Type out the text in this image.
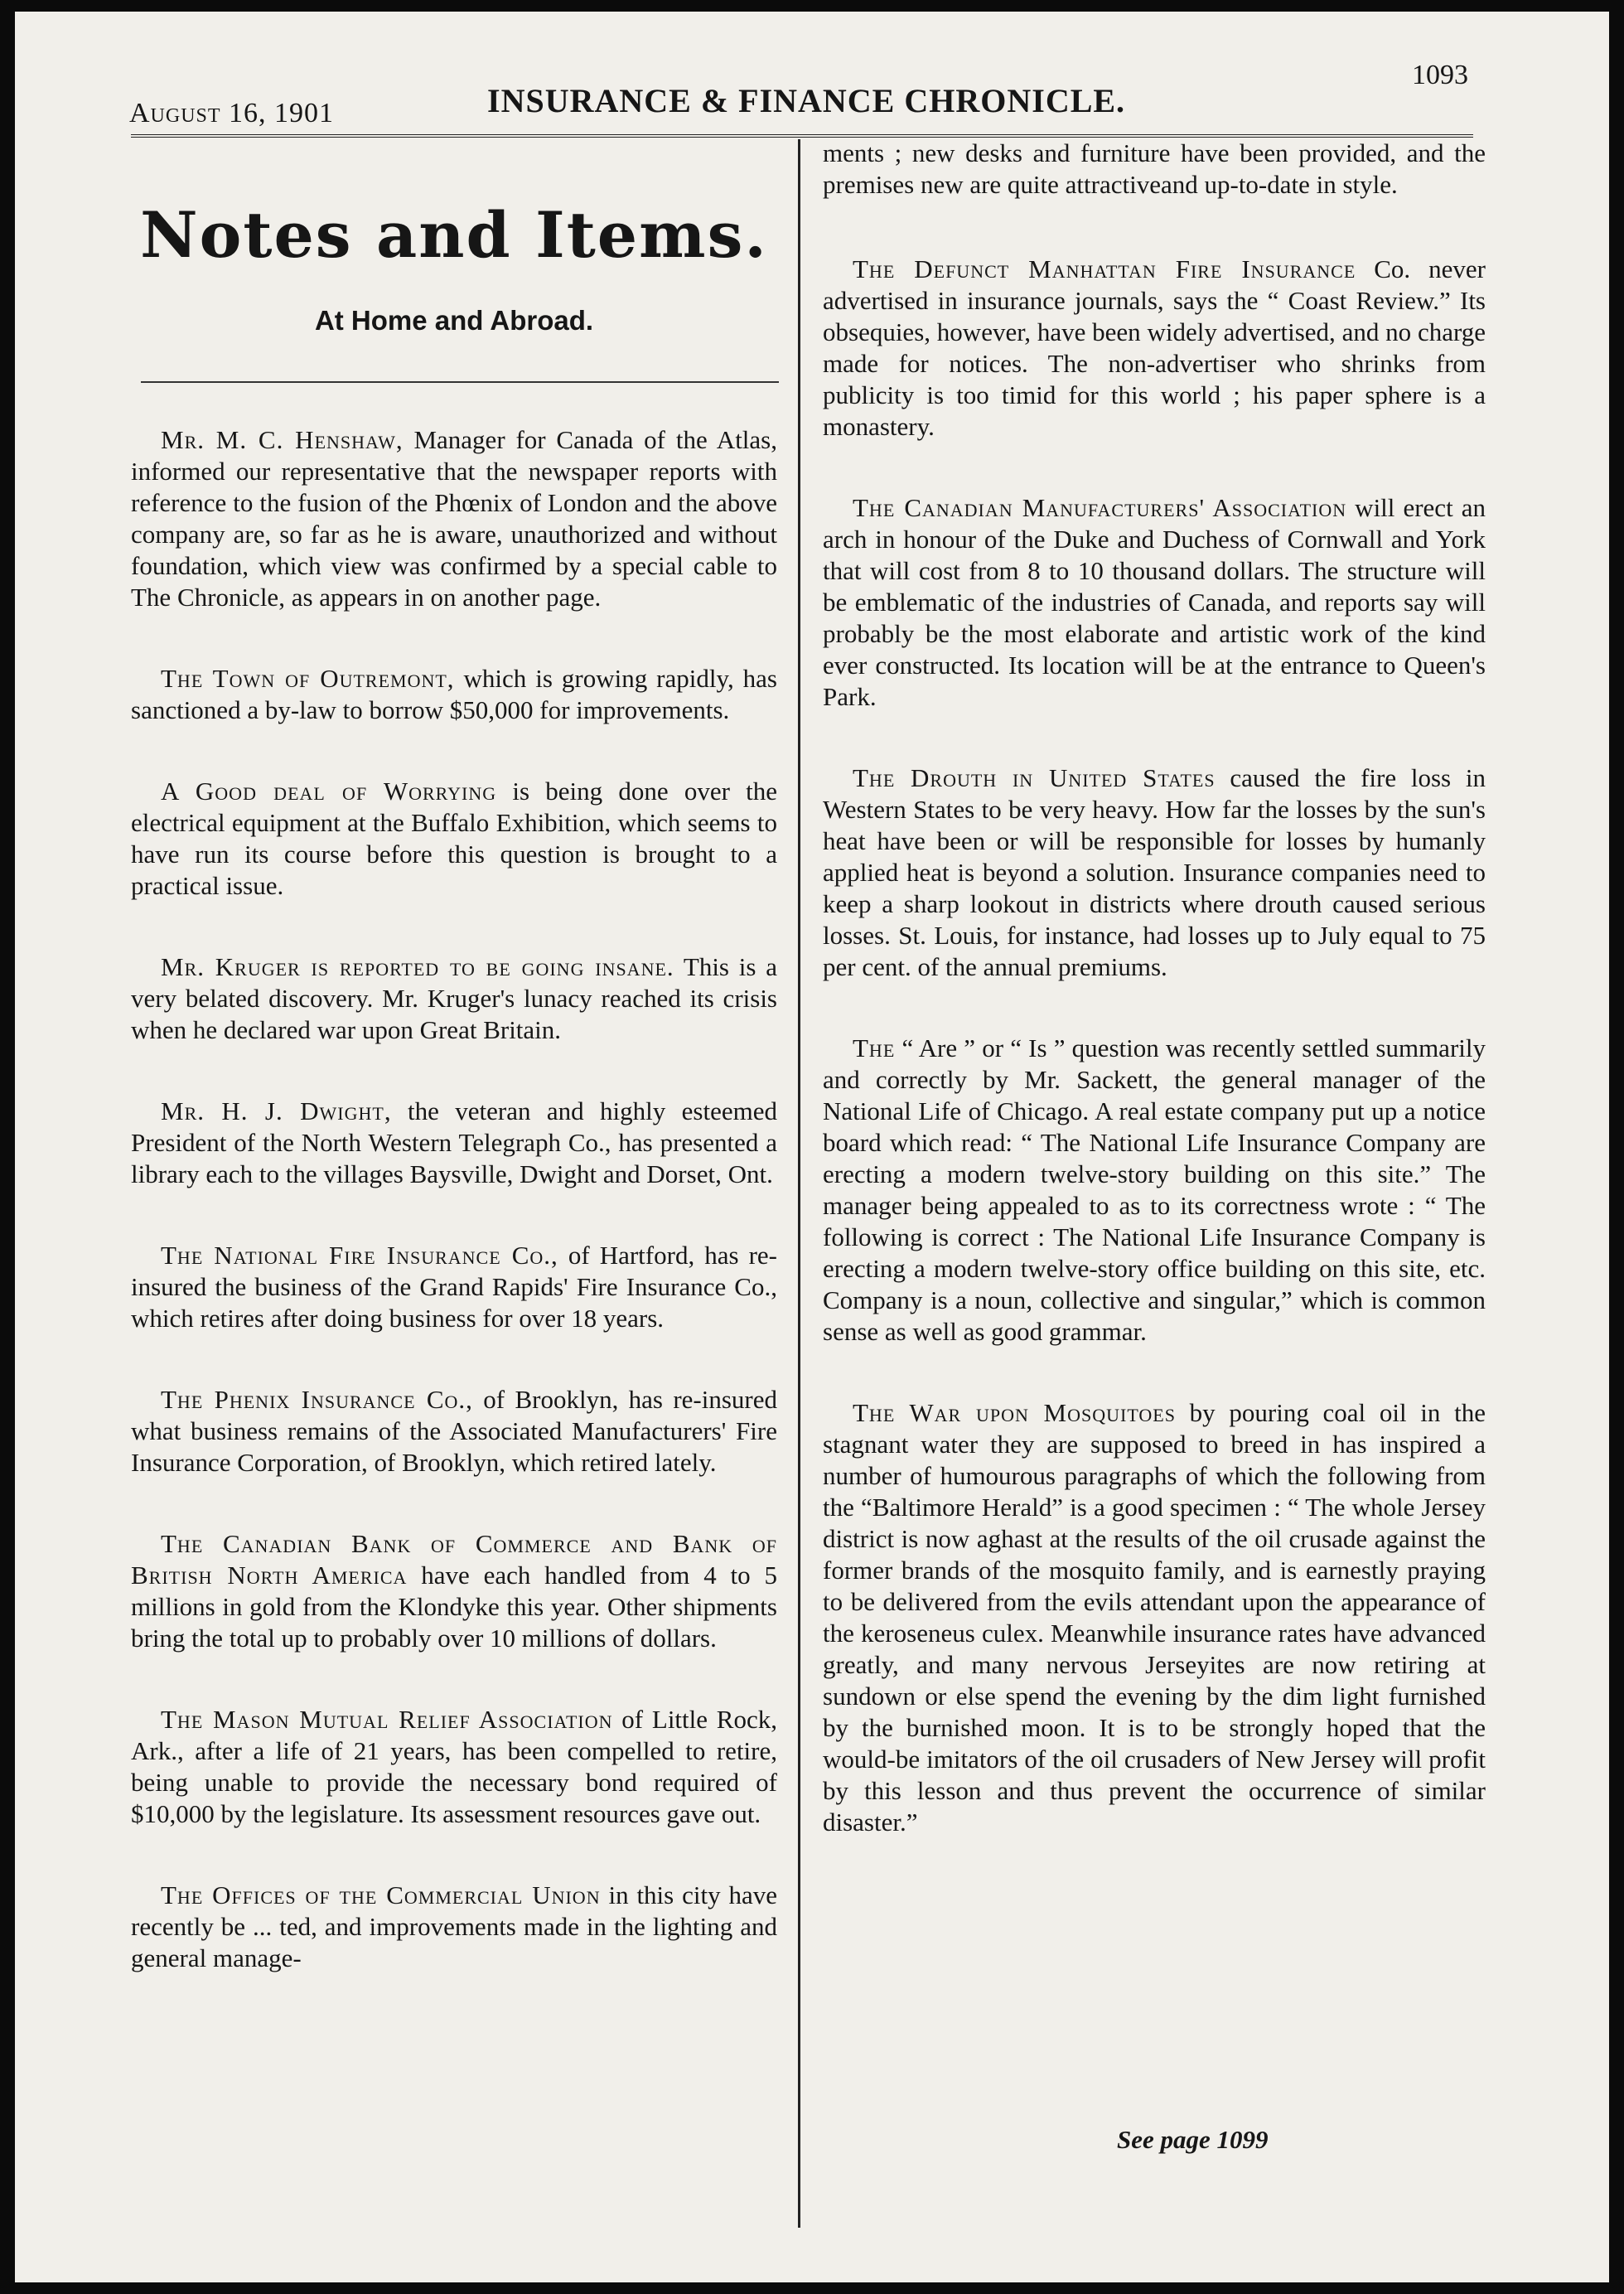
August 16, 1901	INSURANCE & FINANCE CHRONICLE.
1093
Notes and Items.
At Home and Abroad.

Mr. M. C. Henshaw, Manager for Canada of the Atlas, informed our representative that the newspaper reports with reference to the fusion of the Phœnix of London and the above company are, so far as he is aware, unauthorized and without foundation, which view was confirmed by a special cable to The Chronicle, as appears in on another page.

The Town of Outremont, which is growing rapidly, has sanctioned a by-law to borrow $50,000 for improvements.

A Good deal of Worrying is being done over the electrical equipment at the Buffalo Exhibition, which seems to have run its course before this question is brought to a practical issue.

Mr. Kruger is reported to be going insane. This is a very belated discovery. Mr. Kruger's lunacy reached its crisis when he declared war upon Great Britain.

Mr. H. J. Dwight, the veteran and highly esteemed President of the North Western Telegraph Co., has presented a library each to the villages Baysville, Dwight and Dorset, Ont.

The National Fire Insurance Co., of Hartford, has re-insured the business of the Grand Rapids' Fire Insurance Co., which retires after doing business for over 18 years.

The Phenix Insurance Co., of Brooklyn, has re-insured what business remains of the Associated Manufacturers' Fire Insurance Corporation, of Brooklyn, which retired lately.

The Canadian Bank of Commerce and Bank of British North America have each handled from 4 to 5 millions in gold from the Klondyke this year. Other shipments bring the total up to probably over 10 millions of dollars.

The Mason Mutual Relief Association of Little Rock, Ark., after a life of 21 years, has been compelled to retire, being unable to provide the necessary bond required of $10,000 by the legislature. Its assessment resources gave out.

The Offices of the Commercial Union in this city have recently be ... ted, and improvements made in the lighting and general manage-

ments ; new desks and furniture have been provided, and the premises new are quite attractiveand up-to-date in style.

The Defunct Manhattan Fire Insurance Co. never advertised in insurance journals, says the “ Coast Review.” Its obsequies, however, have been widely advertised, and no charge made for notices. The non-advertiser who shrinks from publicity is too timid for this world ; his paper sphere is a monastery.

The Canadian Manufacturers' Association will erect an arch in honour of the Duke and Duchess of Cornwall and York that will cost from 8 to 10 thousand dollars. The structure will be emblematic of the industries of Canada, and reports say will probably be the most elaborate and artistic work of the kind ever constructed. Its location will be at the entrance to Queen's Park.

The Drouth in United States caused the fire loss in Western States to be very heavy. How far the losses by the sun's heat have been or will be responsible for losses by humanly applied heat is beyond a solution. Insurance companies need to keep a sharp lookout in districts where drouth caused serious losses. St. Louis, for instance, had losses up to July equal to 75 per cent. of the annual premiums.

The “ Are ” or “ Is ” question was recently settled summarily and correctly by Mr. Sackett, the general manager of the National Life of Chicago. A real estate company put up a notice board which read: “ The National Life Insurance Company are erecting a modern twelve-story building on this site.” The manager being appealed to as to its correctness wrote : “ The following is correct : The National Life Insurance Company is erecting a modern twelve-story office building on this site, etc. Company is a noun, collective and singular,” which is common sense as well as good grammar.

The War upon Mosquitoes by pouring coal oil in the stagnant water they are supposed to breed in has inspired a number of humourous paragraphs of which the following from the “Baltimore Herald” is a good specimen : “ The whole Jersey district is now aghast at the results of the oil crusade against the former brands of the mosquito family, and is earnestly praying to be delivered from the evils attendant upon the appearance of the keroseneus culex. Meanwhile insurance rates have advanced greatly, and many nervous Jerseyites are now retiring at sundown or else spend the evening by the dim light furnished by the burnished moon. It is to be strongly hoped that the would-be imitators of the oil crusaders of New Jersey will profit by this lesson and thus prevent the occurrence of similar disaster.”

See page 1099
